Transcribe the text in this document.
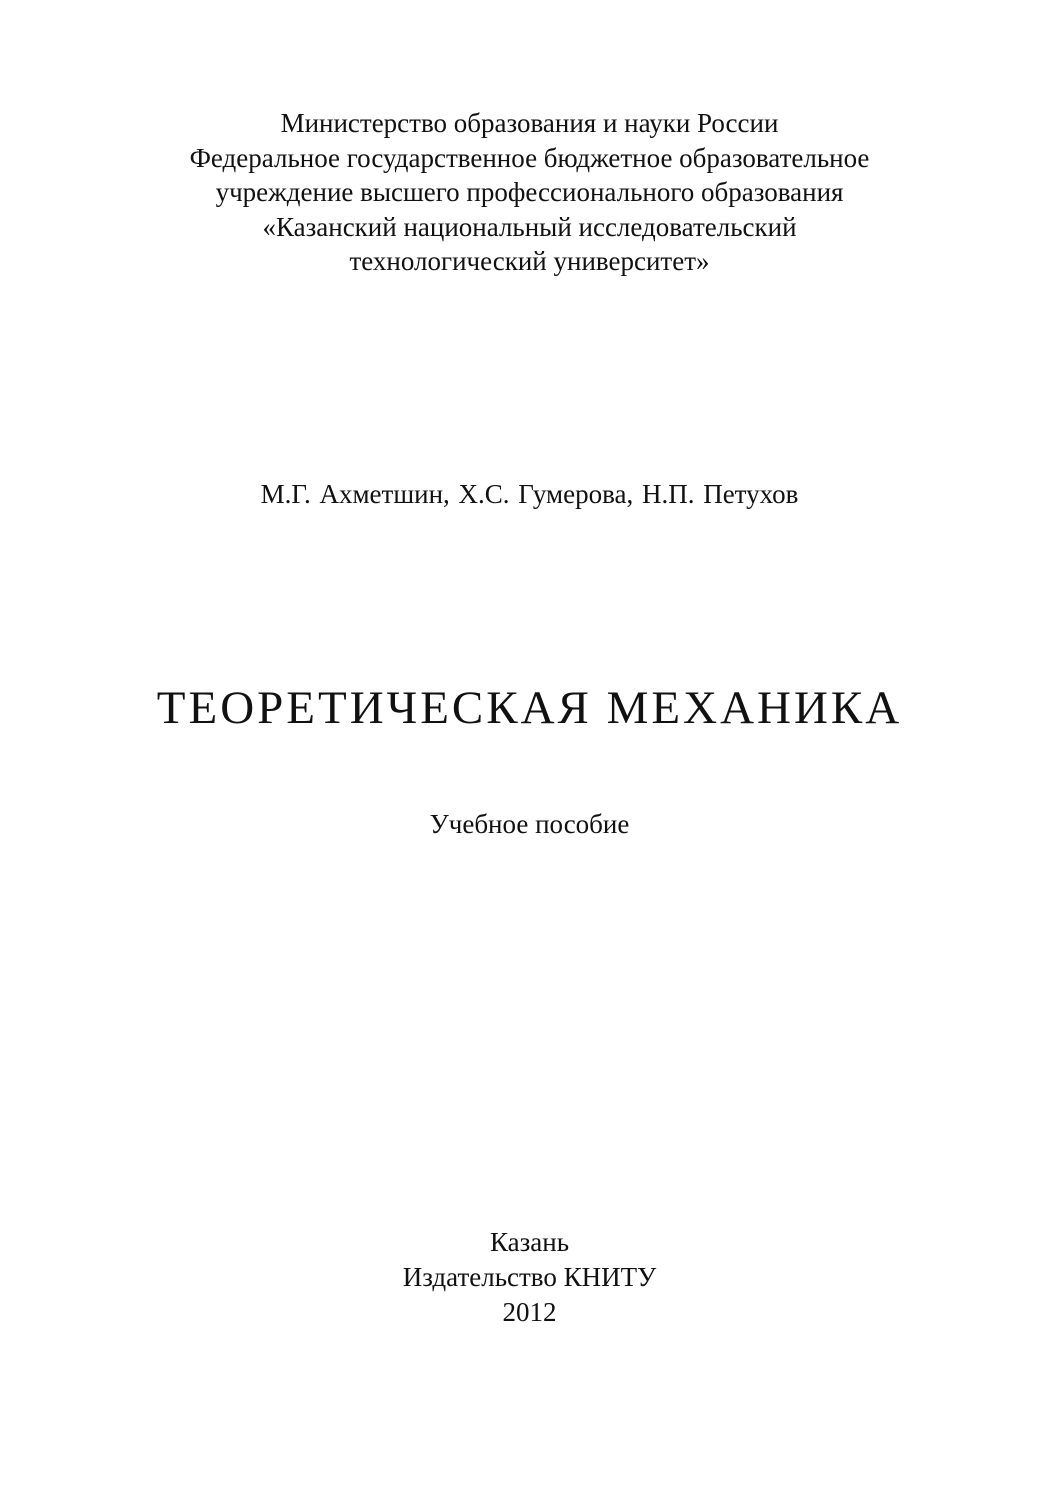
Министерство образования и науки России
Федеральное государственное бюджетное образовательное
учреждение высшего профессионального образования
«Казанский национальный исследовательский
технологический университет»
М.Г. Ахметшин, Х.С. Гумерова, Н.П. Петухов
ТЕОРЕТИЧЕСКАЯ МЕХАНИКА
Учебное пособие
Казань
Издательство КНИТУ
2012
